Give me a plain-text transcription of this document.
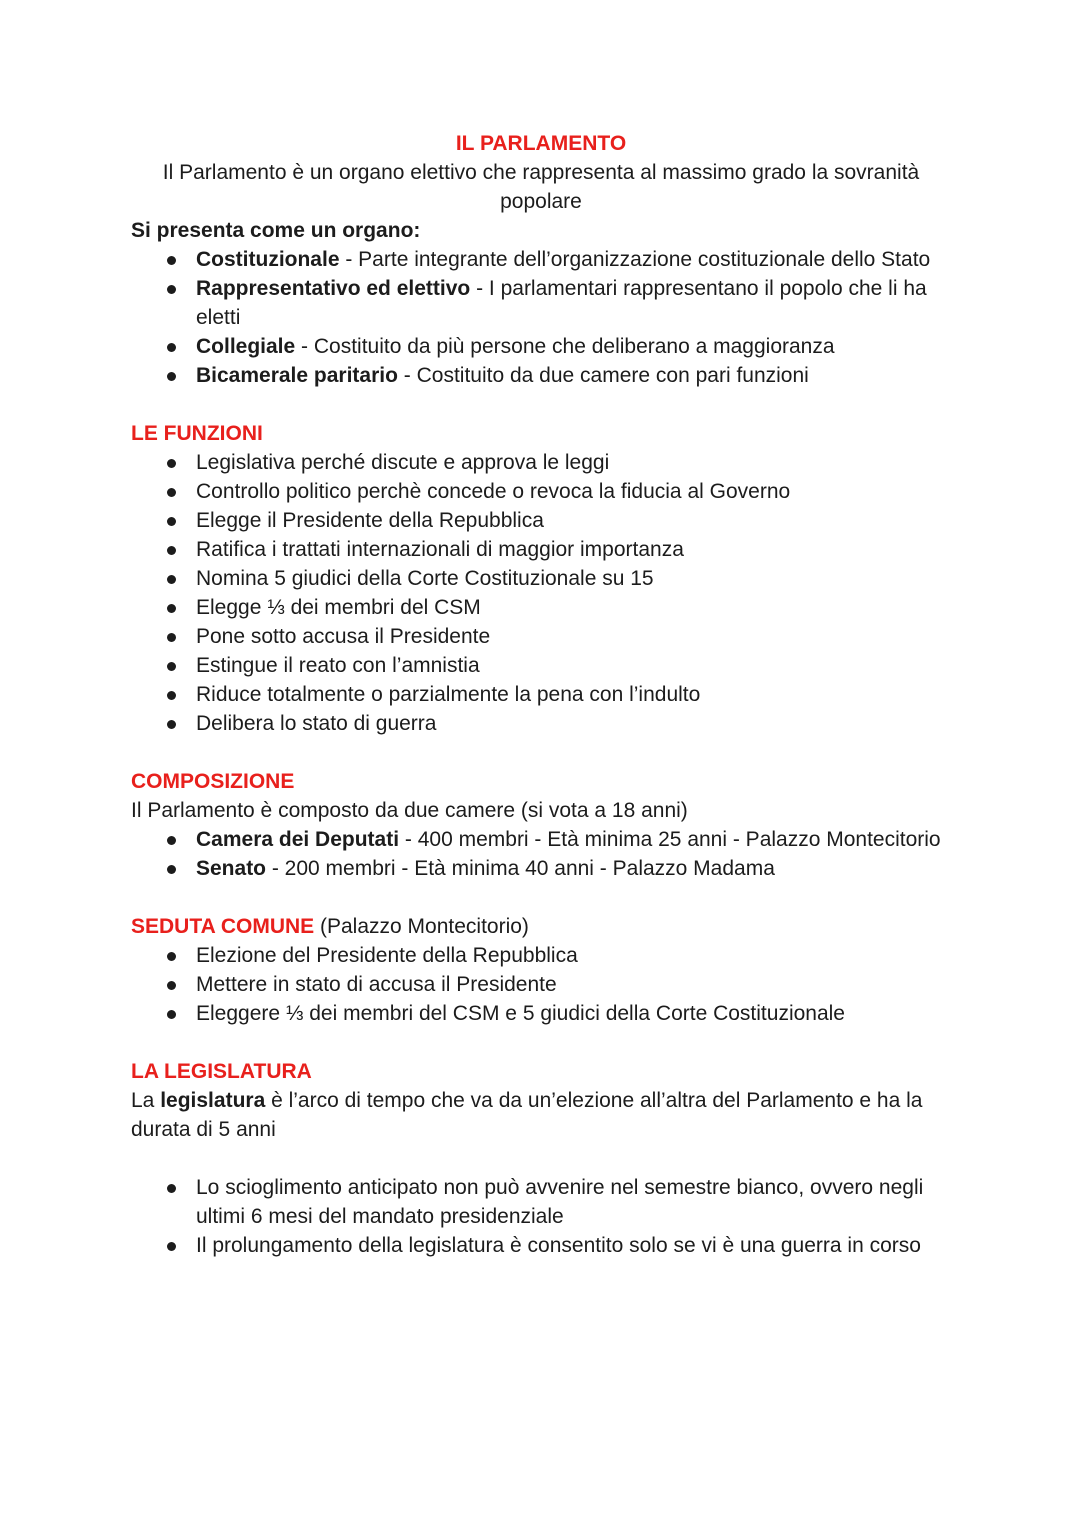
IL PARLAMENTO

Il Parlamento è un organo elettivo che rappresenta al massimo grado la sovranità popolare

Si presenta come un organo:

Costituzionale - Parte integrante dell’organizzazione costituzionale dello Stato
Rappresentativo ed elettivo - I parlamentari rappresentano il popolo che li ha eletti
Collegiale - Costituito da più persone che deliberano a maggioranza
Bicamerale paritario - Costituito da due camere con pari funzioni

LE FUNZIONI

Legislativa perché discute e approva le leggi
Controllo politico perchè concede o revoca la fiducia al Governo
Elegge il Presidente della Repubblica
Ratifica i trattati internazionali di maggior importanza
Nomina 5 giudici della Corte Costituzionale su 15
Elegge ⅓ dei membri del CSM
Pone sotto accusa il Presidente
Estingue il reato con l’amnistia
Riduce totalmente o parzialmente la pena con l’indulto
Delibera lo stato di guerra

COMPOSIZIONE

Il Parlamento è composto da due camere (si vota a 18 anni)

Camera dei Deputati - 400 membri - Età minima 25 anni - Palazzo Montecitorio
Senato - 200 membri - Età minima 40 anni - Palazzo Madama

SEDUTA COMUNE (Palazzo Montecitorio)

Elezione del Presidente della Repubblica
Mettere in stato di accusa il Presidente
Eleggere ⅓ dei membri del CSM e 5 giudici della Corte Costituzionale

LA LEGISLATURA

La legislatura è l’arco di tempo che va da un’elezione all’altra del Parlamento e ha la durata di 5 anni

Lo scioglimento anticipato non può avvenire nel semestre bianco, ovvero negli ultimi 6 mesi del mandato presidenziale
Il prolungamento della legislatura è consentito solo se vi è una guerra in corso
